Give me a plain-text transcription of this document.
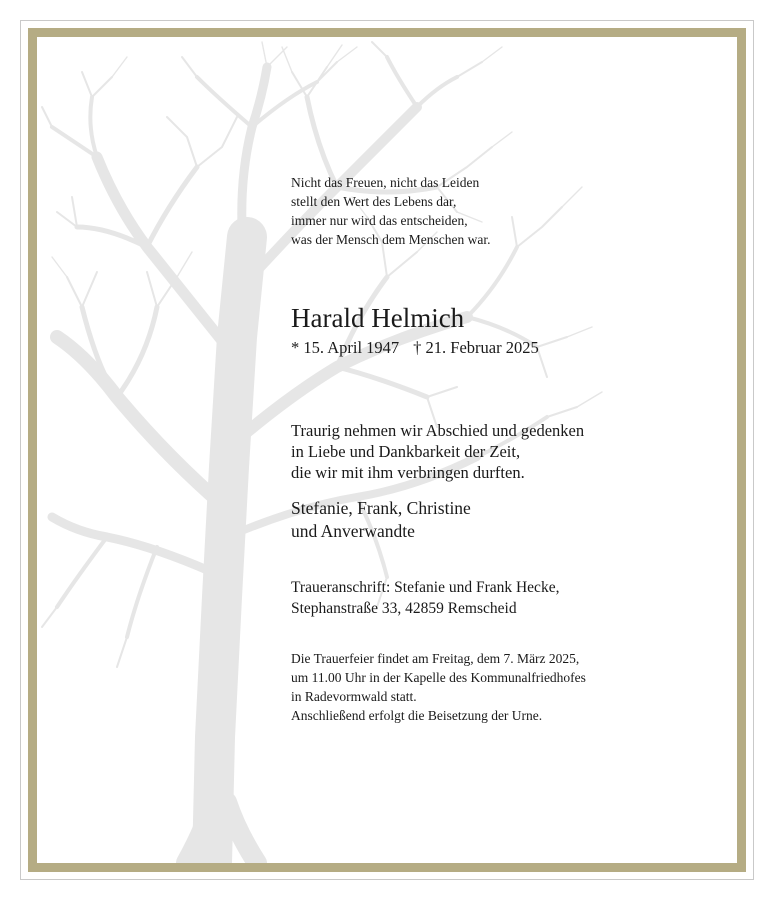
Nicht das Freuen, nicht das Leiden
stellt den Wert des Lebens dar,
immer nur wird das entscheiden,
was der Mensch dem Menschen war.
Harald Helmich
* 15. April 1947 † 21. Februar 2025
Traurig nehmen wir Abschied und gedenken
in Liebe und Dankbarkeit der Zeit,
die wir mit ihm verbringen durften.
Stefanie, Frank, Christine
und Anverwandte
Traueranschrift: Stefanie und Frank Hecke,
Stephanstraße 33, 42859 Remscheid
Die Trauerfeier findet am Freitag, dem 7. März 2025,
um 11.00 Uhr in der Kapelle des Kommunalfriedhofes
in Radevormwald statt.
Anschließend erfolgt die Beisetzung der Urne.
